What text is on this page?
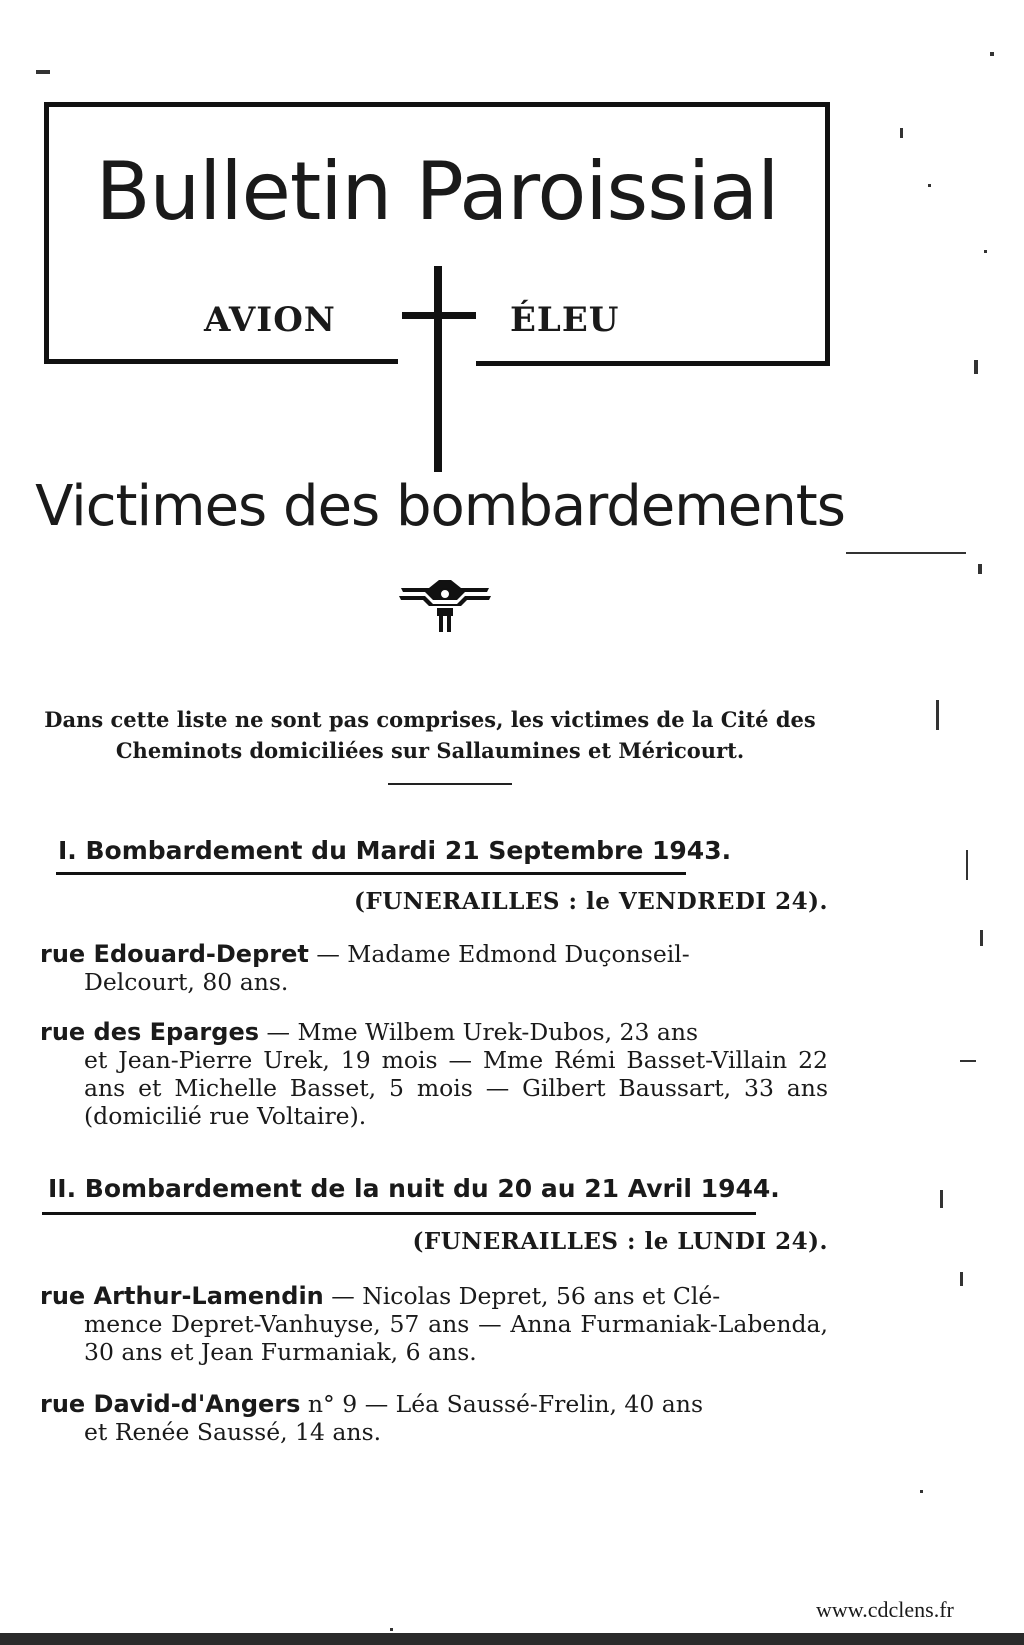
Bulletin Paroissial
AVION	ÉLEU
Victimes des bombardements
Dans cette liste ne sont pas comprises, les victimes de la Cité des Cheminots domiciliées sur Sallaumines et Méricourt.
I. Bombardement du Mardi 21 Septembre 1943.
(FUNERAILLES : le VENDREDI 24).
rue Edouard-Depret — Madame Edmond Duçonseil-
Delcourt, 80 ans.
rue des Eparges — Mme Wilbem Urek-Dubos, 23 ans
et Jean-Pierre Urek, 19 mois — Mme Rémi Basset-Villain 22 ans et Michelle Basset, 5 mois — Gilbert Baussart, 33 ans (domicilié rue Voltaire).
II. Bombardement de la nuit du 20 au 21 Avril 1944.
(FUNERAILLES : le LUNDI 24).
rue Arthur-Lamendin — Nicolas Depret, 56 ans et Clé-
mence Depret-Vanhuyse, 57 ans — Anna Furmaniak-Labenda, 30 ans et Jean Furmaniak, 6 ans.
rue David-d'Angers n° 9 — Léa Saussé-Frelin, 40 ans
et Renée Saussé, 14 ans.
www.cdclens.fr
